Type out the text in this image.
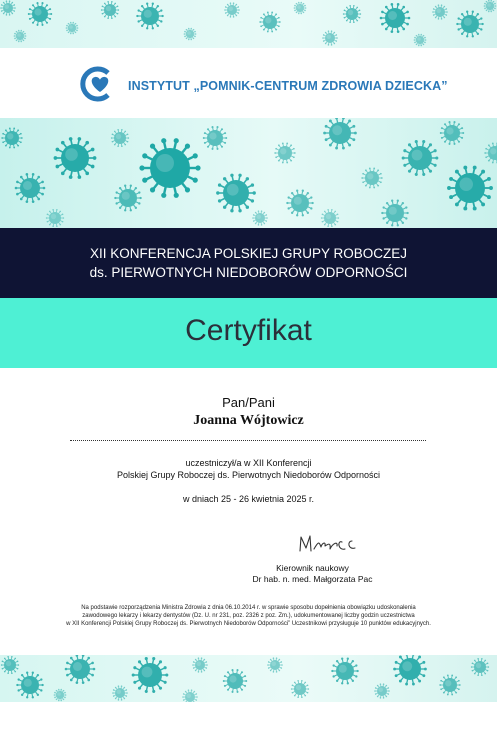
INSTYTUT „POMNIK-CENTRUM ZDROWIA DZIECKA”
XII KONFERENCJA POLSKIEJ GRUPY ROBOCZEJ
ds. PIERWOTNYCH NIEDOBORÓW ODPORNOŚCI
Certyfikat
Pan/Pani
Joanna Wójtowicz
uczestniczył/a w XII Konferencji
Polskiej Grupy Roboczej ds. Pierwotnych Niedoborów Odporności
w dniach 25 - 26 kwietnia 2025 r.
Kierownik naukowy
Dr hab. n. med. Małgorzata Pac
Na podstawie rozporządzenia Ministra Zdrowia z dnia 06.10.2014 r. w sprawie sposobu dopełnienia obowiązku udoskonalenia
zawodowego lekarzy i lekarzy dentystów (Dz. U. nr 231, poz. 2326 z poz. Zm.), udokumentowanej liczby godzin uczestnictwa
w XII Konferencji Polskiej Grupy Roboczej ds. Pierwotnych Niedoborów Odporności” Uczestnikowi przysługuje 10 punktów edukacyjnych.
